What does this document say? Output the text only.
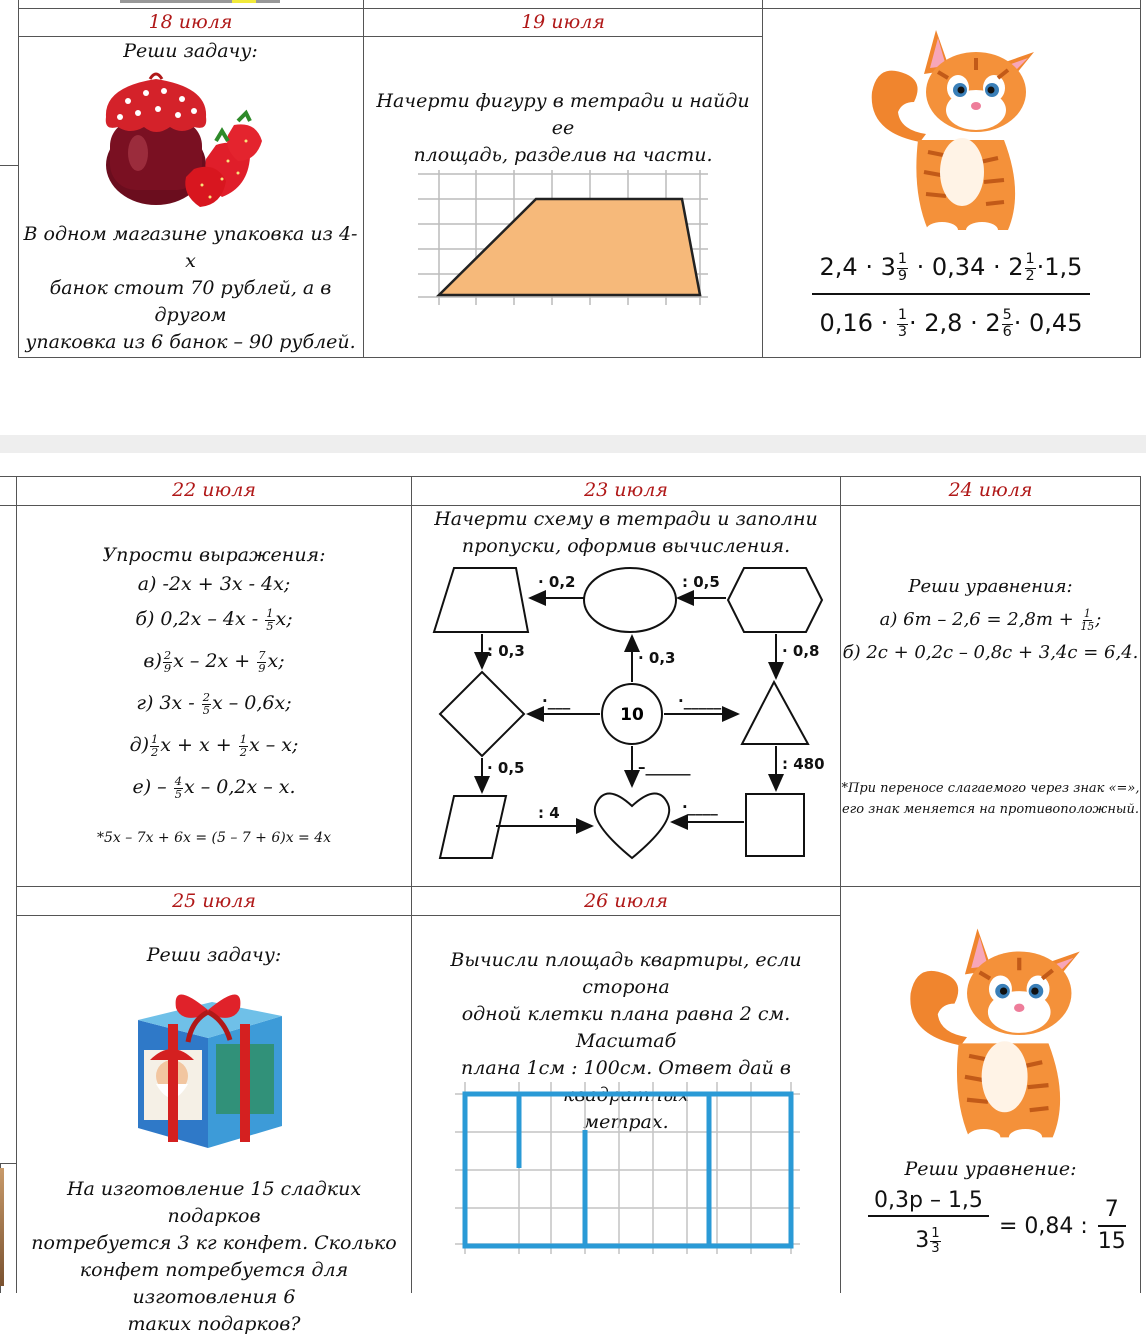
18 июля
Реши задачу:
В одном магазине упаковка из 4-х
банок стоит 70 рублей, а в другом
упаковка из 6 банок – 90 рублей.
19 июля
Начерти фигуру в тетради и найди ее
площадь, разделив на части.
$2,4 \cdot 3 \frac{1}{9} \cdot 0,34 \cdot 2 \frac{1}{2} \cdot 1,5$
$0,16 \cdot \frac{1}{3} \cdot 2,8 \cdot 2 \frac{5}{6} \cdot 0,45$
22 июля
Упрости выражения:
а) -2х + 3х - 4х;
б) $0,2х - 4х - \frac{1}{5} х$;
$в) \frac{2}{9}$ $х - 2х + \frac{7}{9} х$;
г) $3х - \frac{2}{5}$ х – 0,6х;
$д) \frac{1}{2}$ $х + х + \frac{1}{2}$ х – х;
$е) - \frac{4}{5}$ х – 0,2х – х.
*5х – 7х + 6х = (5 – 7 + 6)х = 4х
23 июля
Начерти схему в тетради и заполни
пропуски, оформив вычисления.
10
· 0,2	: 0,5
: 0,3	· 0,3	· 0,8
·___	·_____
· 0,5	–______	: 480
: 4	·____
24 июля
Реши уравнения:
а) $6m - 2,6 = 2,8m + \frac{1}{15}$ ;
б) 2с + 0,2с – 0,8с + 3,4с = 6,4.
*При переносе слагаемого через знак «=»,
его знак меняется на противоположный.
25 июля
Реши задачу:
На изготовление 15 сладких подарков
потребуется 3 кг конфет. Сколько
конфет потребуется для изготовления 6
таких подарков?
26 июля
Вычисли площадь квартиры, если сторона
одной клетки плана равна 2 см. Масштаб
плана 1см : 100см. Ответ дай в квадратных
метрах.
Реши уравнение:
0,3р – 1,5
$3 \frac{1}{3}$
= 0,84 :
7
15
